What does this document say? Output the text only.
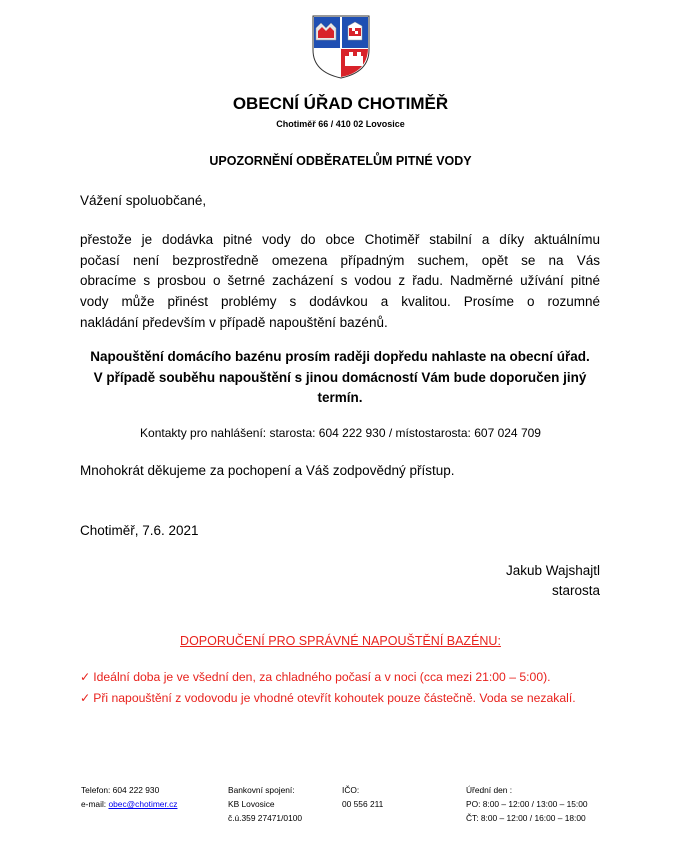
OBECNÍ ÚŘAD CHOTIMĚŘ
Chotiměř 66 / 410 02 Lovosice
UPOZORNĚNÍ ODBĚRATELŮM PITNÉ VODY
Vážení spoluobčané,
přestože je dodávka pitné vody do obce Chotiměř stabilní a díky aktuálnímu
počasí není bezprostředně omezena případným suchem, opět se na Vás
obracíme s prosbou o šetrné zacházení s vodou z řadu. Nadměrné užívání pitné
vody může přinést problémy s dodávkou a kvalitou. Prosíme o rozumné
nakládání především v případě napouštění bazénů.
Napouštění domácího bazénu prosím raději dopředu nahlaste na obecní úřad.
V případě souběhu napouštění s jinou domácností Vám bude doporučen jiný
termín.
Kontakty pro nahlášení: starosta: 604 222 930 / místostarosta: 607 024 709
Mnohokrát děkujeme za pochopení a Váš zodpovědný přístup.
Chotiměř, 7.6. 2021
Jakub Wajshajtl
starosta
DOPORUČENÍ PRO SPRÁVNÉ NAPOUŠTĚNÍ BAZÉNU:
✓ Ideální doba je ve všední den, za chladného počasí a v noci (cca mezi 21:00 – 5:00).
✓ Při napouštění z vodovodu je vhodné otevřít kohoutek pouze částečně. Voda se nezakalí.
Telefon: 604 222 930
e-mail: obec@chotimer.cz
Bankovní spojení:
KB Lovosice
č.ú.359 27471/0100
IČO:
00 556 211
Úřední den :
PO: 8:00 – 12:00 / 13:00 – 15:00
ČT: 8:00 – 12:00 / 16:00 – 18:00
